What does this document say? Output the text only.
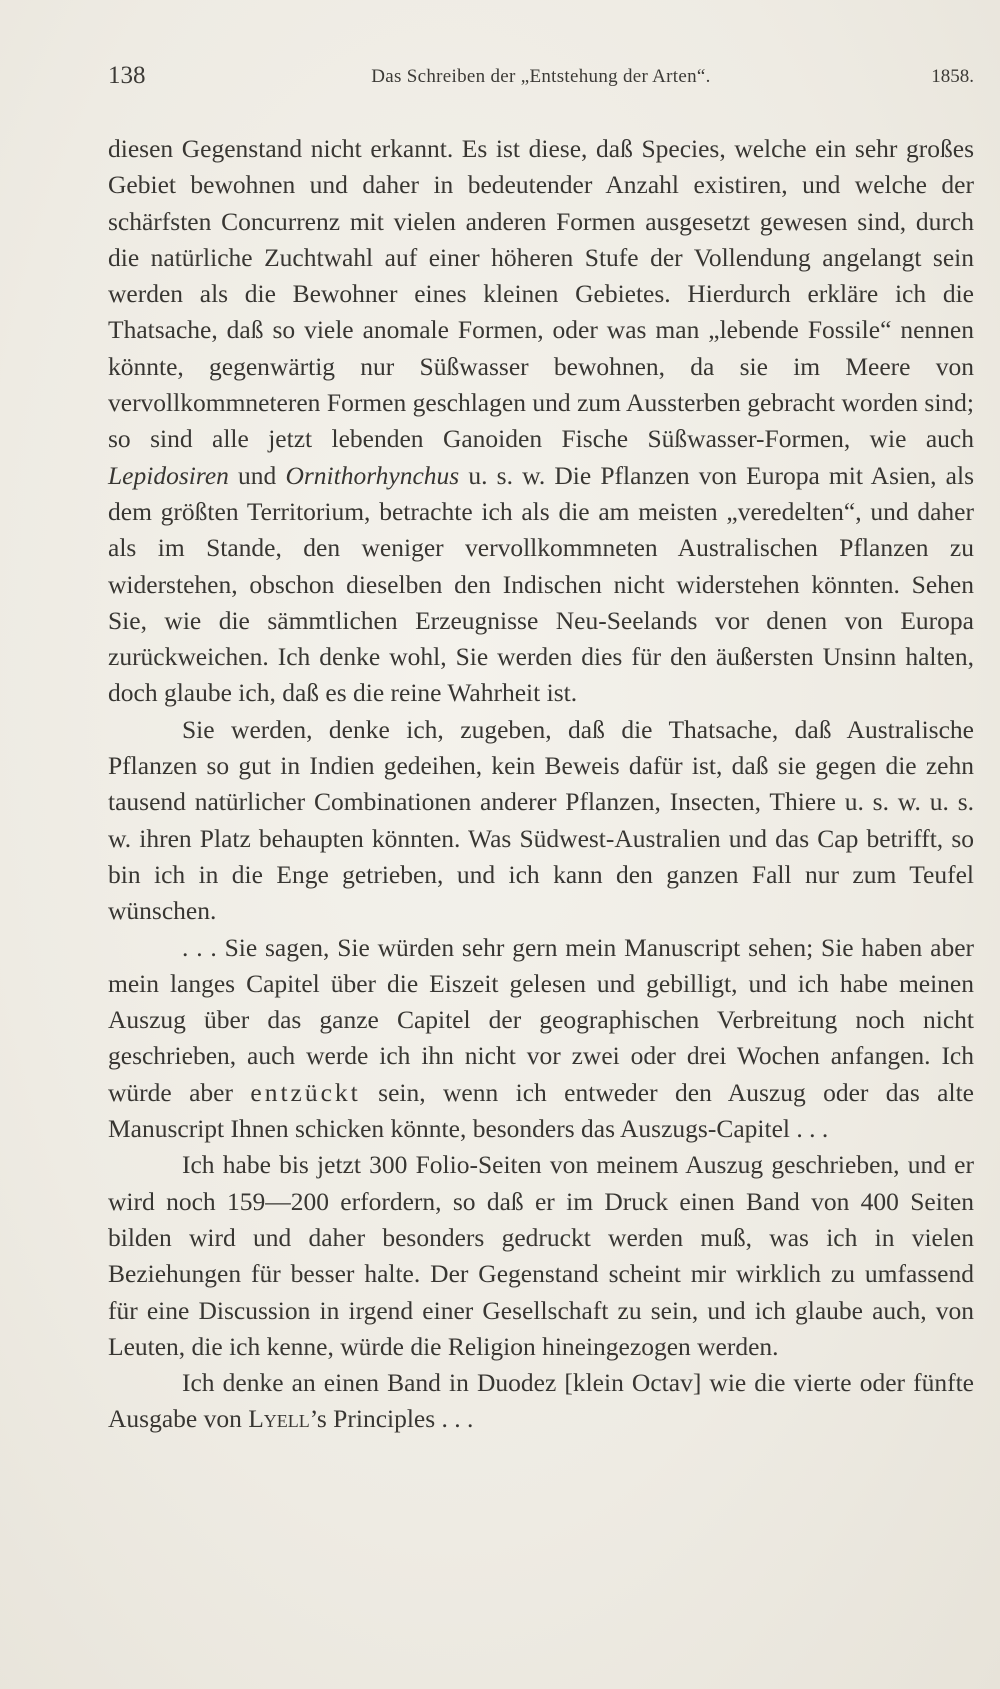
138	Das Schreiben der „Entstehung der Arten“.	1858.

diesen Gegenstand nicht erkannt. Es ist diese, daß Species, welche ein sehr großes Gebiet bewohnen und daher in bedeutender Anzahl existiren, und welche der schärfsten Concurrenz mit vielen anderen Formen ausgesetzt gewesen sind, durch die natürliche Zuchtwahl auf einer höheren Stufe der Vollendung angelangt sein werden als die Bewohner eines kleinen Gebietes. Hierdurch erkläre ich die Thatsache, daß so viele anomale Formen, oder was man „lebende Fossile“ nennen könnte, gegenwärtig nur Süßwasser bewohnen, da sie im Meere von vervollkommneteren Formen geschlagen und zum Aussterben gebracht worden sind; so sind alle jetzt lebenden Ganoiden Fische Süßwasser-Formen, wie auch Lepidosiren und Ornithorhynchus u. s. w. Die Pflanzen von Europa mit Asien, als dem größten Territorium, betrachte ich als die am meisten „veredelten“, und daher als im Stande, den weniger vervollkommneten Australischen Pflanzen zu widerstehen, obschon dieselben den Indischen nicht widerstehen könnten. Sehen Sie, wie die sämmtlichen Erzeugnisse Neu-Seelands vor denen von Europa zurückweichen. Ich denke wohl, Sie werden dies für den äußersten Unsinn halten, doch glaube ich, daß es die reine Wahrheit ist.

Sie werden, denke ich, zugeben, daß die Thatsache, daß Australische Pflanzen so gut in Indien gedeihen, kein Beweis dafür ist, daß sie gegen die zehn tausend natürlicher Combinationen anderer Pflanzen, Insecten, Thiere u. s. w. u. s. w. ihren Platz behaupten könnten. Was Südwest-Australien und das Cap betrifft, so bin ich in die Enge getrieben, und ich kann den ganzen Fall nur zum Teufel wünschen.

. . . Sie sagen, Sie würden sehr gern mein Manuscript sehen; Sie haben aber mein langes Capitel über die Eiszeit gelesen und gebilligt, und ich habe meinen Auszug über das ganze Capitel der geographischen Verbreitung noch nicht geschrieben, auch werde ich ihn nicht vor zwei oder drei Wochen anfangen. Ich würde aber entzückt sein, wenn ich entweder den Auszug oder das alte Manuscript Ihnen schicken könnte, besonders das Auszugs-Capitel . . .

Ich habe bis jetzt 300 Folio-Seiten von meinem Auszug geschrieben, und er wird noch 159—200 erfordern, so daß er im Druck einen Band von 400 Seiten bilden wird und daher besonders gedruckt werden muß, was ich in vielen Beziehungen für besser halte. Der Gegenstand scheint mir wirklich zu umfassend für eine Discussion in irgend einer Gesellschaft zu sein, und ich glaube auch, von Leuten, die ich kenne, würde die Religion hineingezogen werden.

Ich denke an einen Band in Duodez [klein Octav] wie die vierte oder fünfte Ausgabe von Lyell’s Principles . . .
